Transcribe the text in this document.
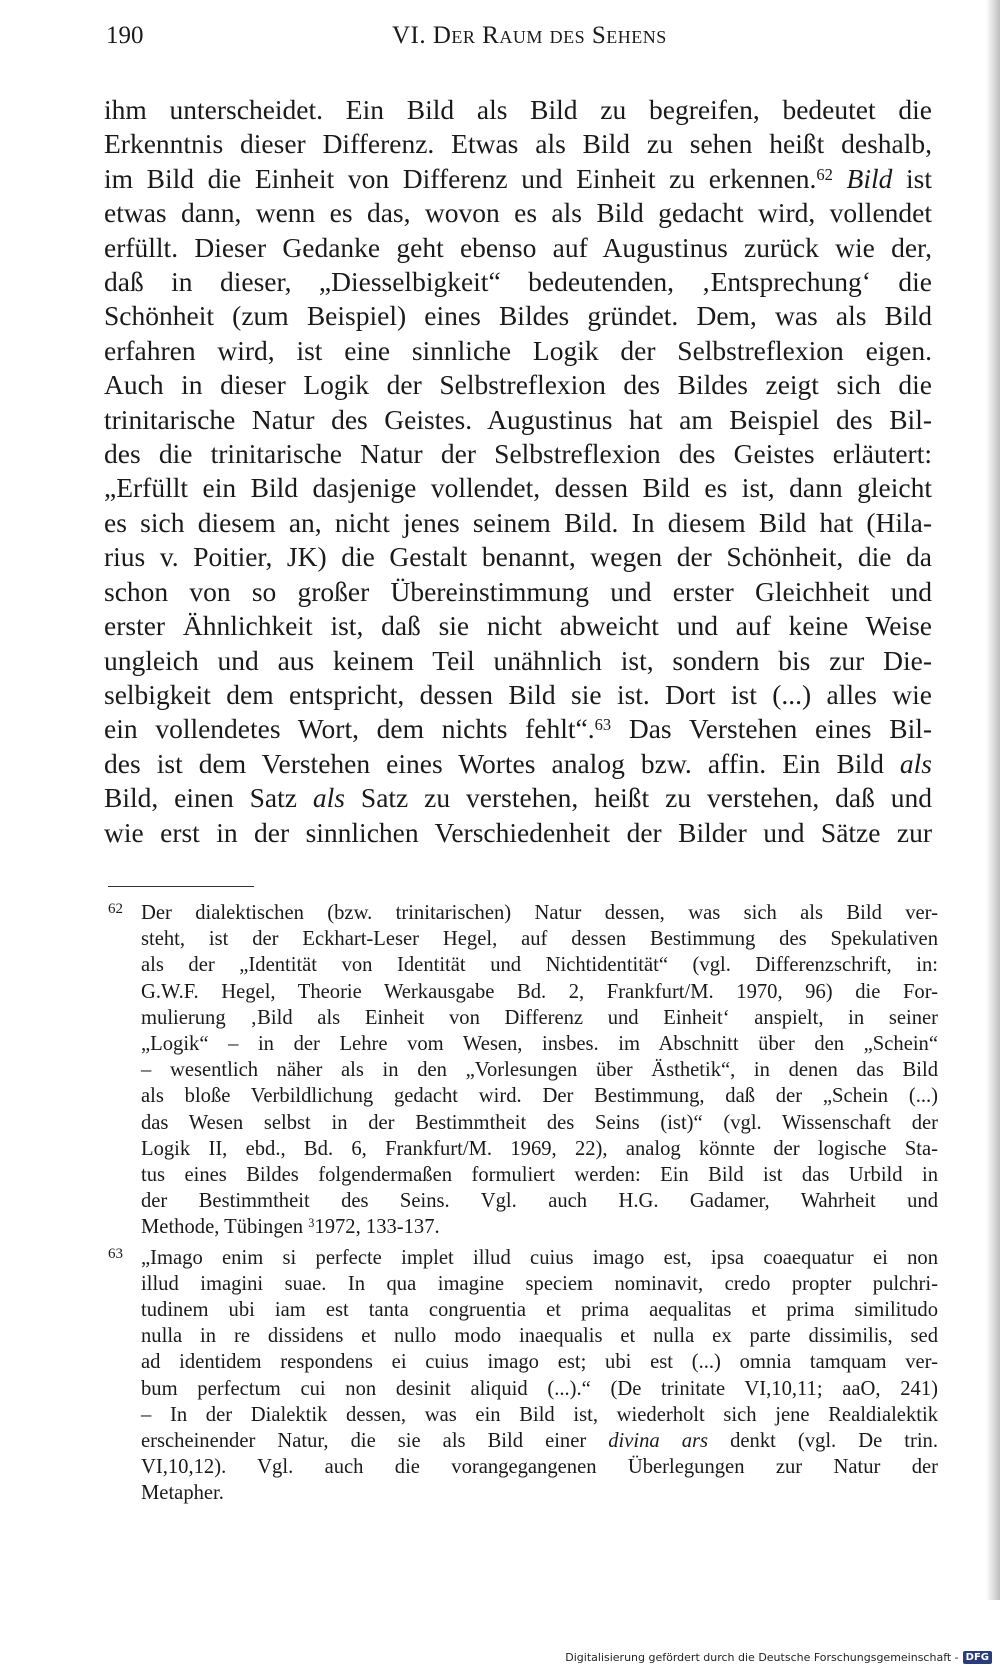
190	VI. Der Raum des Sehens
ihm unterscheidet. Ein Bild als Bild zu begreifen, bedeutet die
Erkenntnis dieser Differenz. Etwas als Bild zu sehen heißt deshalb,
im Bild die Einheit von Differenz und Einheit zu erkennen.$^{62}$ Bild ist
etwas dann, wenn es das, wovon es als Bild gedacht wird, vollendet
erfüllt. Dieser Gedanke geht ebenso auf Augustinus zurück wie der,
daß in dieser, „Diesselbigkeit“ bedeutenden, ‚Entsprechung‘ die
Schönheit (zum Beispiel) eines Bildes gründet. Dem, was als Bild
erfahren wird, ist eine sinnliche Logik der Selbstreflexion eigen.
Auch in dieser Logik der Selbstreflexion des Bildes zeigt sich die
trinitarische Natur des Geistes. Augustinus hat am Beispiel des Bil-
des die trinitarische Natur der Selbstreflexion des Geistes erläutert:
„Erfüllt ein Bild dasjenige vollendet, dessen Bild es ist, dann gleicht
es sich diesem an, nicht jenes seinem Bild. In diesem Bild hat (Hila-
rius v. Poitier, JK) die Gestalt benannt, wegen der Schönheit, die da
schon von so großer Übereinstimmung und erster Gleichheit und
erster Ähnlichkeit ist, daß sie nicht abweicht und auf keine Weise
ungleich und aus keinem Teil unähnlich ist, sondern bis zur Die-
selbigkeit dem entspricht, dessen Bild sie ist. Dort ist (...) alles wie
ein vollendetes Wort, dem nichts fehlt“.$^{63}$ Das Verstehen eines Bil-
des ist dem Verstehen eines Wortes analog bzw. affin. Ein Bild als
Bild, einen Satz als Satz zu verstehen, heißt zu verstehen, daß und
wie erst in der sinnlichen Verschiedenheit der Bilder und Sätze zur
62 Der dialektischen (bzw. trinitarischen) Natur dessen, was sich als Bild ver-
steht, ist der Eckhart-Leser Hegel, auf dessen Bestimmung des Spekulativen
als der „Identität von Identität und Nichtidentität“ (vgl. Differenzschrift, in:
G.W.F. Hegel, Theorie Werkausgabe Bd. 2, Frankfurt/M. 1970, 96) die For-
mulierung ‚Bild als Einheit von Differenz und Einheit‘ anspielt, in seiner
„Logik“ – in der Lehre vom Wesen, insbes. im Abschnitt über den „Schein“
– wesentlich näher als in den „Vorlesungen über Ästhetik“, in denen das Bild
als bloße Verbildlichung gedacht wird. Der Bestimmung, daß der „Schein (...)
das Wesen selbst in der Bestimmtheit des Seins (ist)“ (vgl. Wissenschaft der
Logik II, ebd., Bd. 6, Frankfurt/M. 1969, 22), analog könnte der logische Sta-
tus eines Bildes folgendermaßen formuliert werden: Ein Bild ist das Urbild in
der Bestimmtheit des Seins. Vgl. auch H.G. Gadamer, Wahrheit und
Methode, Tübingen $^3$1972, 133-137.
63 „Imago enim si perfecte implet illud cuius imago est, ipsa coaequatur ei non
illud imagini suae. In qua imagine speciem nominavit, credo propter pulchri-
tudinem ubi iam est tanta congruentia et prima aequalitas et prima similitudo
nulla in re dissidens et nullo modo inaequalis et nulla ex parte dissimilis, sed
ad identidem respondens ei cuius imago est; ubi est (...) omnia tamquam ver-
bum perfectum cui non desinit aliquid (...).“ (De trinitate VI,10,11; aaO, 241)
– In der Dialektik dessen, was ein Bild ist, wiederholt sich jene Realdialektik
erscheinender Natur, die sie als Bild einer divina ars denkt (vgl. De trin.
VI,10,12). Vgl. auch die vorangegangenen Überlegungen zur Natur der
Metapher.
Digitalisierung gefördert durch die Deutsche Forschungsgemeinschaft - DFG
